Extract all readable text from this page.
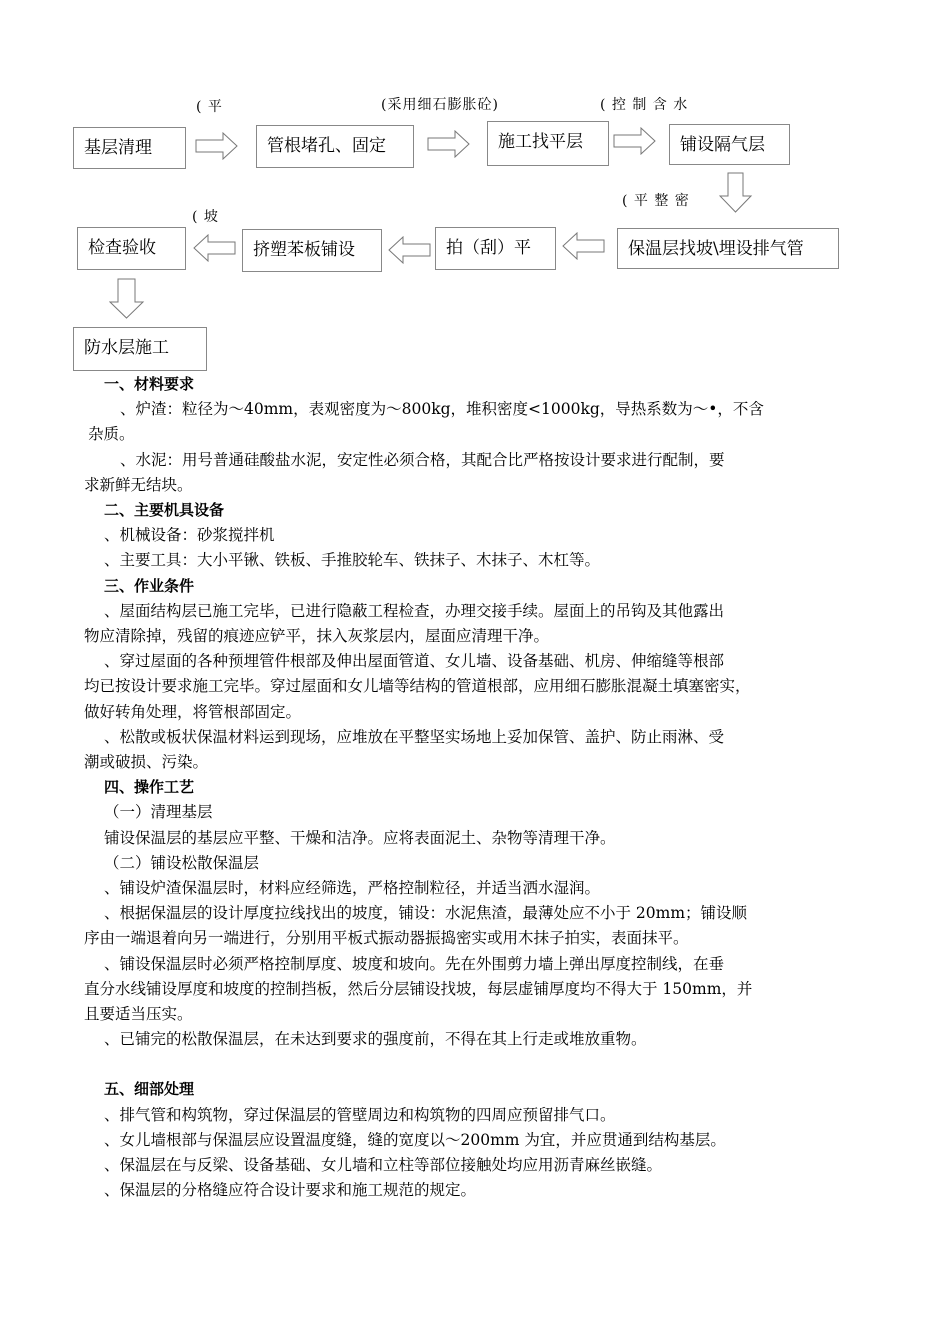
( 平	(采用细石膨胀砼)	( 控 制 含 水
( 平 整 密
( 坡
基层清理	管根堵孔、固定	施工找平层	铺设隔气层
保温层找坡\埋设排气管
拍（刮）平
挤塑苯板铺设
检查验收
防水层施工

一、材料要求

、炉渣：粒径为～40mm，表观密度为～800kg，堆积密度<1000kg，导热系数为～•，不含

杂质。

、水泥：用号普通硅酸盐水泥，安定性必须合格，其配合比严格按设计要求进行配制，要

求新鲜无结块。

二、主要机具设备

、机械设备：砂浆搅拌机

、主要工具：大小平锹、铁板、手推胶轮车、铁抹子、木抹子、木杠等。

三、作业条件

、屋面结构层已施工完毕，已进行隐蔽工程检查，办理交接手续。屋面上的吊钩及其他露出

物应清除掉，残留的痕迹应铲平，抹入灰浆层内，屋面应清理干净。

、穿过屋面的各种预埋管件根部及伸出屋面管道、女儿墙、设备基础、机房、伸缩缝等根部

均已按设计要求施工完毕。穿过屋面和女儿墙等结构的管道根部，应用细石膨胀混凝土填塞密实，

做好转角处理，将管根部固定。

、松散或板状保温材料运到现场，应堆放在平整坚实场地上妥加保管、盖护、防止雨淋、受

潮或破损、污染。

四、操作工艺

（一）清理基层

铺设保温层的基层应平整、干燥和洁净。应将表面泥土、杂物等清理干净。

（二）铺设松散保温层

、铺设炉渣保温层时，材料应经筛选，严格控制粒径，并适当洒水湿润。

、根据保温层的设计厚度拉线找出的坡度，铺设：水泥焦渣，最薄处应不小于 20mm；铺设顺

序由一端退着向另一端进行，分别用平板式振动器振捣密实或用木抹子拍实，表面抹平。

、铺设保温层时必须严格控制厚度、坡度和坡向。先在外围剪力墙上弹出厚度控制线，在垂

直分水线铺设厚度和坡度的控制挡板，然后分层铺设找坡，每层虚铺厚度均不得大于 150mm，并

且要适当压实。

、已铺完的松散保温层，在未达到要求的强度前，不得在其上行走或堆放重物。

五、细部处理

、排气管和构筑物，穿过保温层的管壁周边和构筑物的四周应预留排气口。

、女儿墙根部与保温层应设置温度缝，缝的宽度以～200mm 为宜，并应贯通到结构基层。

、保温层在与反梁、设备基础、女儿墙和立柱等部位接触处均应用沥青麻丝嵌缝。

、保温层的分格缝应符合设计要求和施工规范的规定。
